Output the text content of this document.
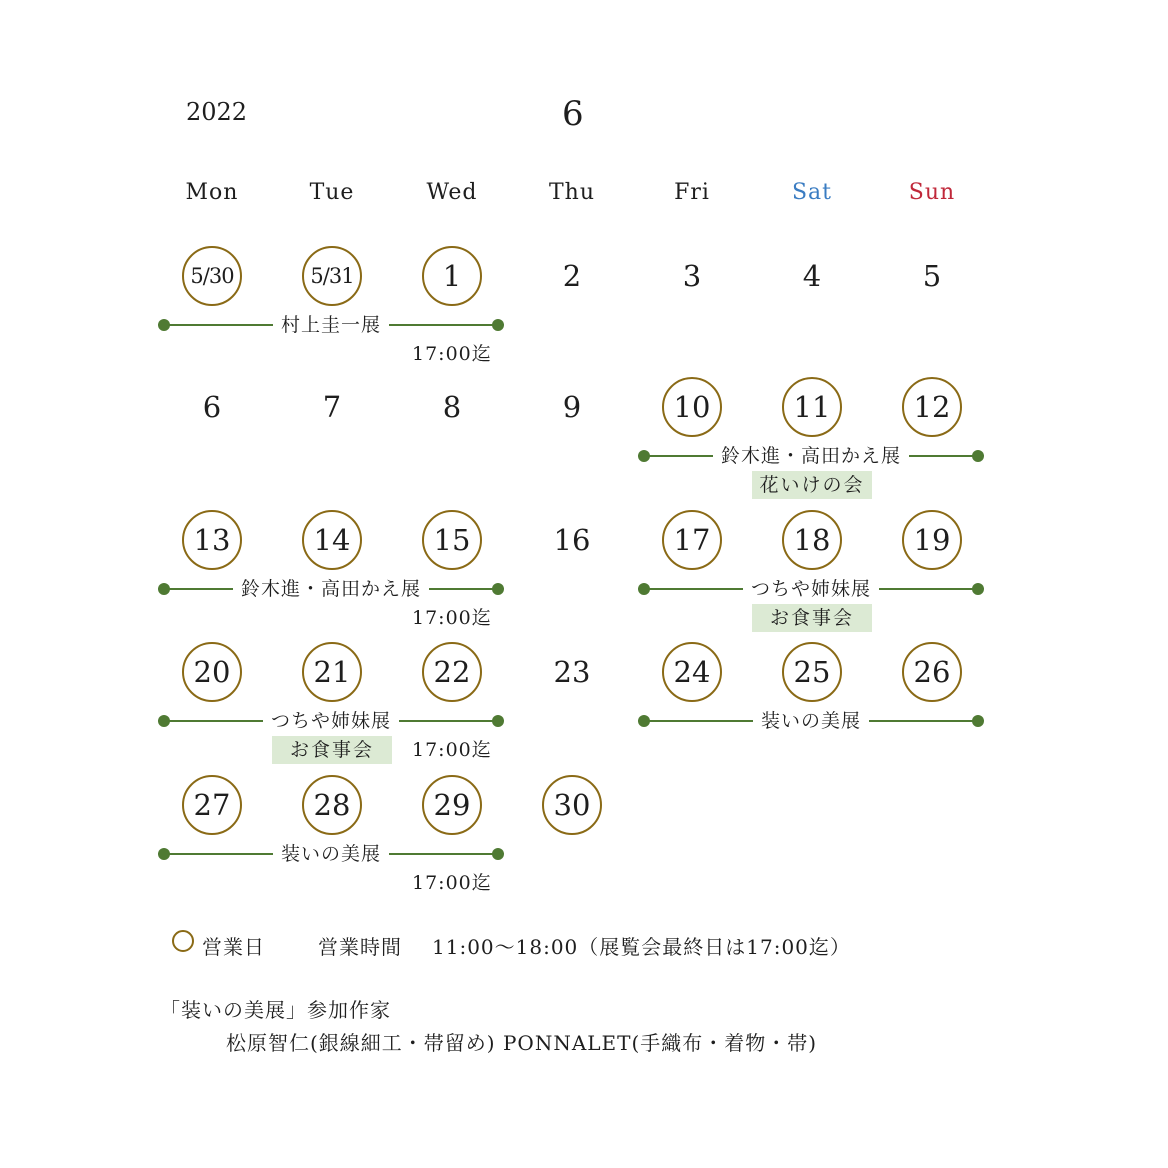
2022	6
Mon	Tue	Wed	Thu	Fri	Sat	Sun
5/30	5/31	1	2	3	4	5
6	7	8	9	10	11	12
13	14	15	16	17	18	19
20	21	22	23	24	25	26
27	28	29	30
村上圭一展
17:00迄
鈴木進・高田かえ展
花いけの会
鈴木進・高田かえ展
17:00迄
つちや姉妹展
お食事会
つちや姉妹展
お食事会	17:00迄
装いの美展
装いの美展
17:00迄
営業日	営業時間 11:00～18:00（展覧会最終日は17:00迄）
「装いの美展」参加作家
松原智仁(銀線細工・帯留め) PONNALET(手織布・着物・帯)
